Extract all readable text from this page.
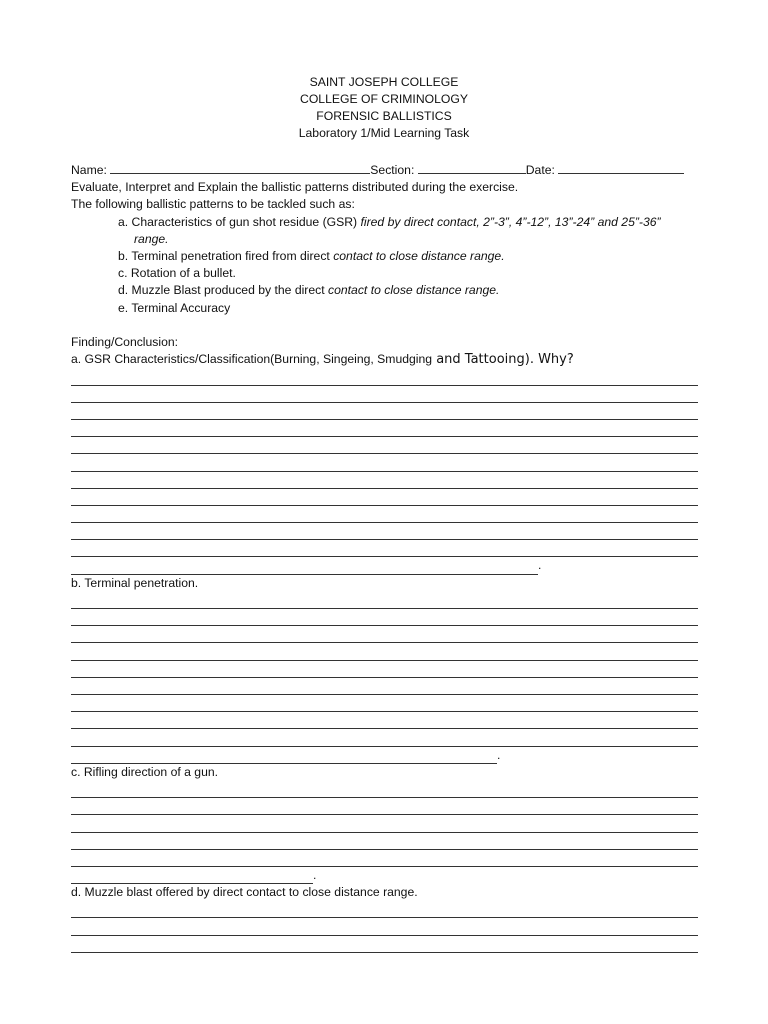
SAINT JOSEPH COLLEGE
COLLEGE OF CRIMINOLOGY
FORENSIC BALLISTICS
Laboratory 1/Mid Learning Task
Name:	Section:	Date:
Evaluate, Interpret and Explain the ballistic patterns distributed during the exercise.
The following ballistic patterns to be tackled such as:
a. Characteristics of gun shot residue (GSR) fired by direct contact, 2”-3”, 4”-12”, 13”-24” and 25”-36”
range.
b. Terminal penetration fired from direct contact to close distance range.
c. Rotation of a bullet.
d. Muzzle Blast produced by the direct contact to close distance range.
e. Terminal Accuracy
Finding/Conclusion:
a. GSR Characteristics/Classification(Burning, Singeing, Smudging and Tattooing). Why?
.
b. Terminal penetration.
.
c. Rifling direction of a gun.
.
d. Muzzle blast offered by direct contact to close distance range.
